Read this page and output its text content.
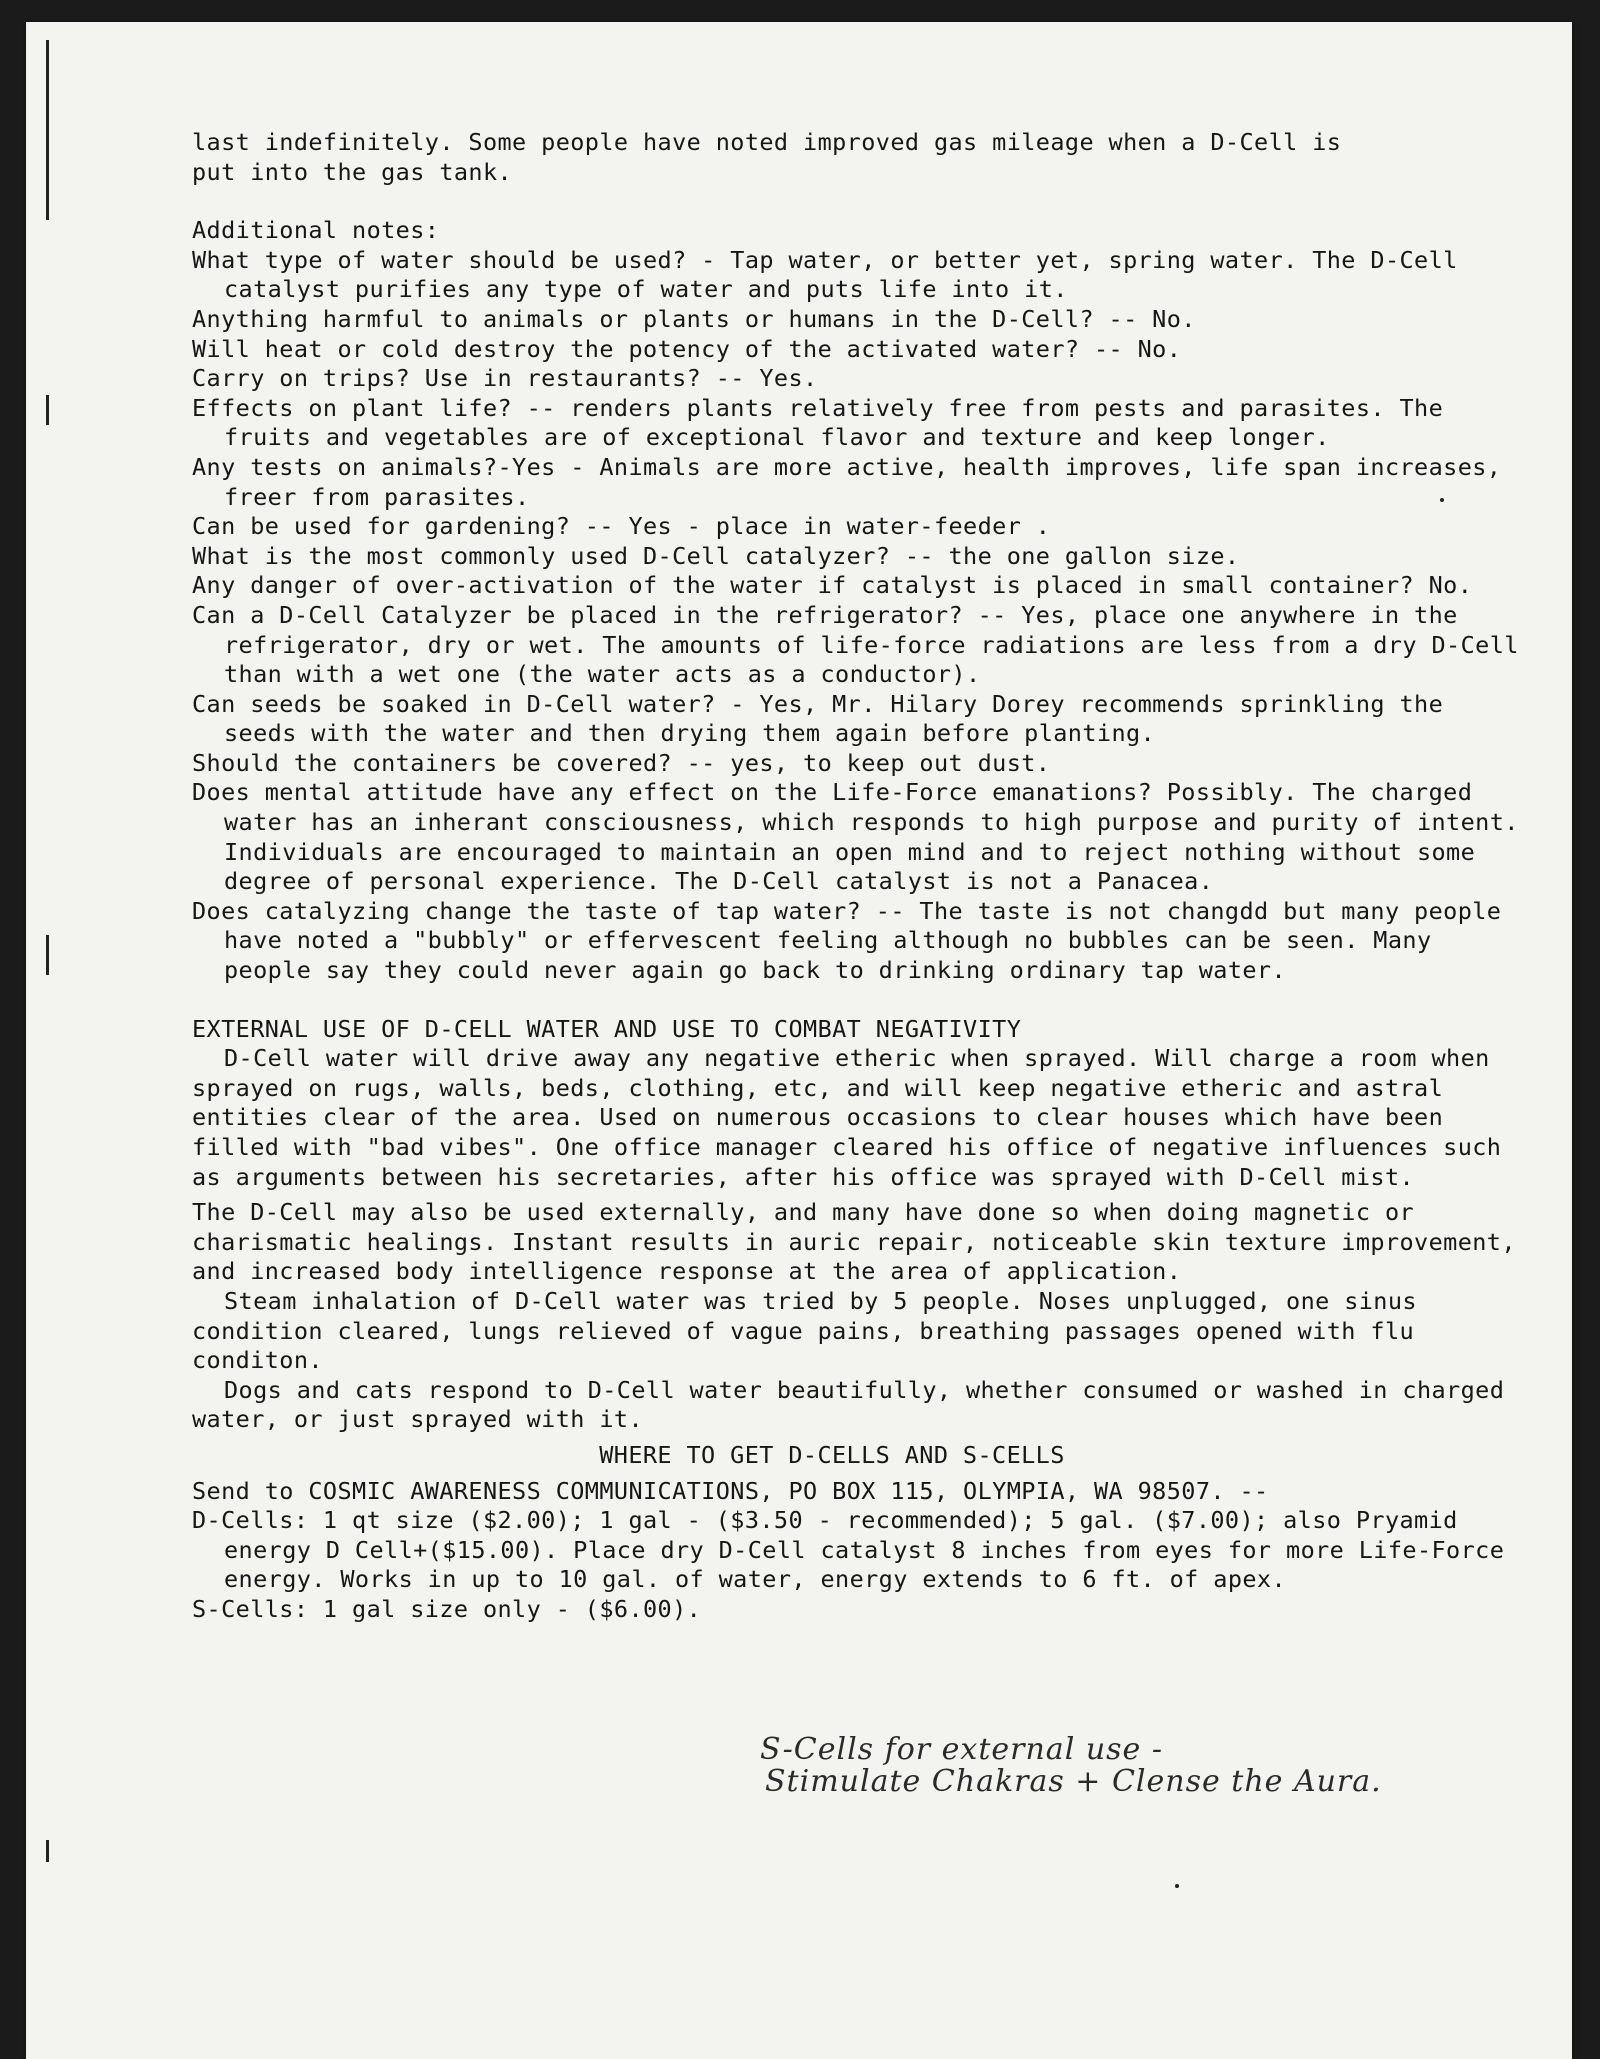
last indefinitely. Some people have noted improved gas mileage when a D-Cell is

put into the gas tank.

Additional notes:

What type of water should be used? - Tap water, or better yet, spring water. The D-Cell catalyst purifies any type of water and puts life into it.

Anything harmful to animals or plants or humans in the D-Cell? -- No.

Will heat or cold destroy the potency of the activated water? -- No.

Carry on trips? Use in restaurants? -- Yes.

Effects on plant life? -- renders plants relatively free from pests and parasites. The fruits and vegetables are of exceptional flavor and texture and keep longer.

Any tests on animals?-Yes - Animals are more active, health improves, life span increases, freer from parasites.

Can be used for gardening? -- Yes - place in water-feeder .

What is the most commonly used D-Cell catalyzer? -- the one gallon size.

Any danger of over-activation of the water if catalyst is placed in small container? No.

Can a D-Cell Catalyzer be placed in the refrigerator? -- Yes, place one anywhere in the refrigerator, dry or wet. The amounts of life-force radiations are less from a dry D-Cell than with a wet one (the water acts as a conductor).

Can seeds be soaked in D-Cell water? - Yes, Mr. Hilary Dorey recommends sprinkling the seeds with the water and then drying them again before planting.

Should the containers be covered? -- yes, to keep out dust.

Does mental attitude have any effect on the Life-Force emanations? Possibly. The charged water has an inherant consciousness, which responds to high purpose and purity of intent. Individuals are encouraged to maintain an open mind and to reject nothing without some degree of personal experience. The D-Cell catalyst is not a Panacea.

Does catalyzing change the taste of tap water? -- The taste is not changdd but many people have noted a "bubbly" or effervescent feeling although no bubbles can be seen. Many people say they could never again go back to drinking ordinary tap water.

EXTERNAL USE OF D-CELL WATER AND USE TO COMBAT NEGATIVITY

D-Cell water will drive away any negative etheric when sprayed. Will charge a room when sprayed on rugs, walls, beds, clothing, etc, and will keep negative etheric and astral entities clear of the area. Used on numerous occasions to clear houses which have been filled with "bad vibes". One office manager cleared his office of negative influences such as arguments between his secretaries, after his office was sprayed with D-Cell mist.

The D-Cell may also be used externally, and many have done so when doing magnetic or charismatic healings. Instant results in auric repair, noticeable skin texture improvement, and increased body intelligence response at the area of application.

Steam inhalation of D-Cell water was tried by 5 people. Noses unplugged, one sinus condition cleared, lungs relieved of vague pains, breathing passages opened with flu conditon.

Dogs and cats respond to D-Cell water beautifully, whether consumed or washed in charged water, or just sprayed with it.

WHERE TO GET D-CELLS AND S-CELLS

Send to COSMIC AWARENESS COMMUNICATIONS, PO BOX 115, OLYMPIA, WA 98507. --

D-Cells: 1 qt size ($2.00); 1 gal - ($3.50 - recommended); 5 gal. ($7.00); also Pryamid energy D Cell+($15.00). Place dry D-Cell catalyst 8 inches from eyes for more Life-Force energy. Works in up to 10 gal. of water, energy extends to 6 ft. of apex.

S-Cells: 1 gal size only - ($6.00).

S-Cells for external use -
Stimulate Chakras + Clense the Aura.
